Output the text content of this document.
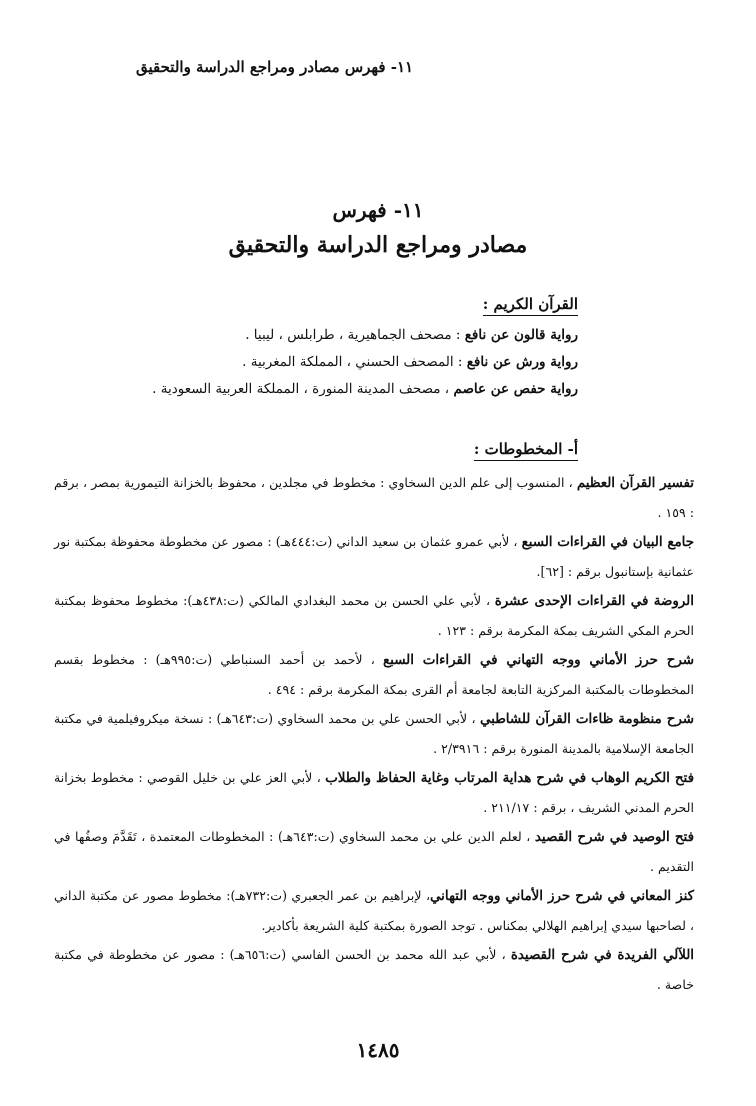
١١- فهرس مصادر ومراجع الدراسة والتحقيق
١١- فهرس
مصادر ومراجع الدراسة والتحقيق
القرآن الكريم :
رواية قالون عن نافع : مصحف الجماهيرية ، طرابلس ، ليبيا .
رواية ورش عن نافع : المصحف الحسني ، المملكة المغربية .
رواية حفص عن عاصم ، مصحف المدينة المنورة ، المملكة العربية السعودية .
أ- المخطوطات :

تفسير القرآن العظيم ، المنسوب إلى علم الدين السخاوي : مخطوط في مجلدين ، محفوظ بالخزانة التيمورية بمصر ، برقم : ١٥٩ .

جامع البيان في القراءات السبع ، لأبي عمرو عثمان بن سعيد الداني (ت:٤٤٤هـ) : مصور عن مخطوطة محفوظة بمكتبة نور عثمانية بإستانبول برقم : [٦٢].

الروضة في القراءات الإحدى عشرة ، لأبي علي الحسن بن محمد البغدادي المالكي (ت:٤٣٨هـ): مخطوط محفوظ بمكتبة الحرم المكي الشريف بمكة المكرمة برقم : ١٢٣ .

شرح حرز الأماني ووجه التهاني في القراءات السبع ، لأحمد بن أحمد السنباطي (ت:٩٩٥هـ) : مخطوط بقسم المخطوطات بالمكتبة المركزية التابعة لجامعة أم القرى بمكة المكرمة برقم : ٤٩٤ .

شرح منظومة ظاءات القرآن للشاطبي ، لأبي الحسن علي بن محمد السخاوي (ت:٦٤٣هـ) : نسخة ميكروفيلمية في مكتبة الجامعة الإسلامية بالمدينة المنورة برقم : ٢/٣٩١٦ .

فتح الكريم الوهاب في شرح هداية المرتاب وغاية الحفاظ والطلاب ، لأبي العز علي بن خليل القوصي : مخطوط بخزانة الحرم المدني الشريف ، برقم : ٢١١/١٧ .

فتح الوصيد في شرح القصيد ، لعلم الدين علي بن محمد السخاوي (ت:٦٤٣هـ) : المخطوطات المعتمدة ، تَقَدَّمَ وصفُها في التقديم .

كنز المعاني في شرح حرز الأماني ووجه التهاني، لإبراهيم بن عمر الجعبري (ت:٧٣٢هـ): مخطوط مصور عن مكتبة الداني ، لصاحبها سيدي إبراهيم الهلالي بمكناس . توجد الصورة بمكتبة كلية الشريعة بأكادير.

اللآلي الفريدة في شرح القصيدة ، لأبي عبد الله محمد بن الحسن الفاسي (ت:٦٥٦هـ) : مصور عن مخطوطة في مكتبة خاصة .

١٤٨٥
